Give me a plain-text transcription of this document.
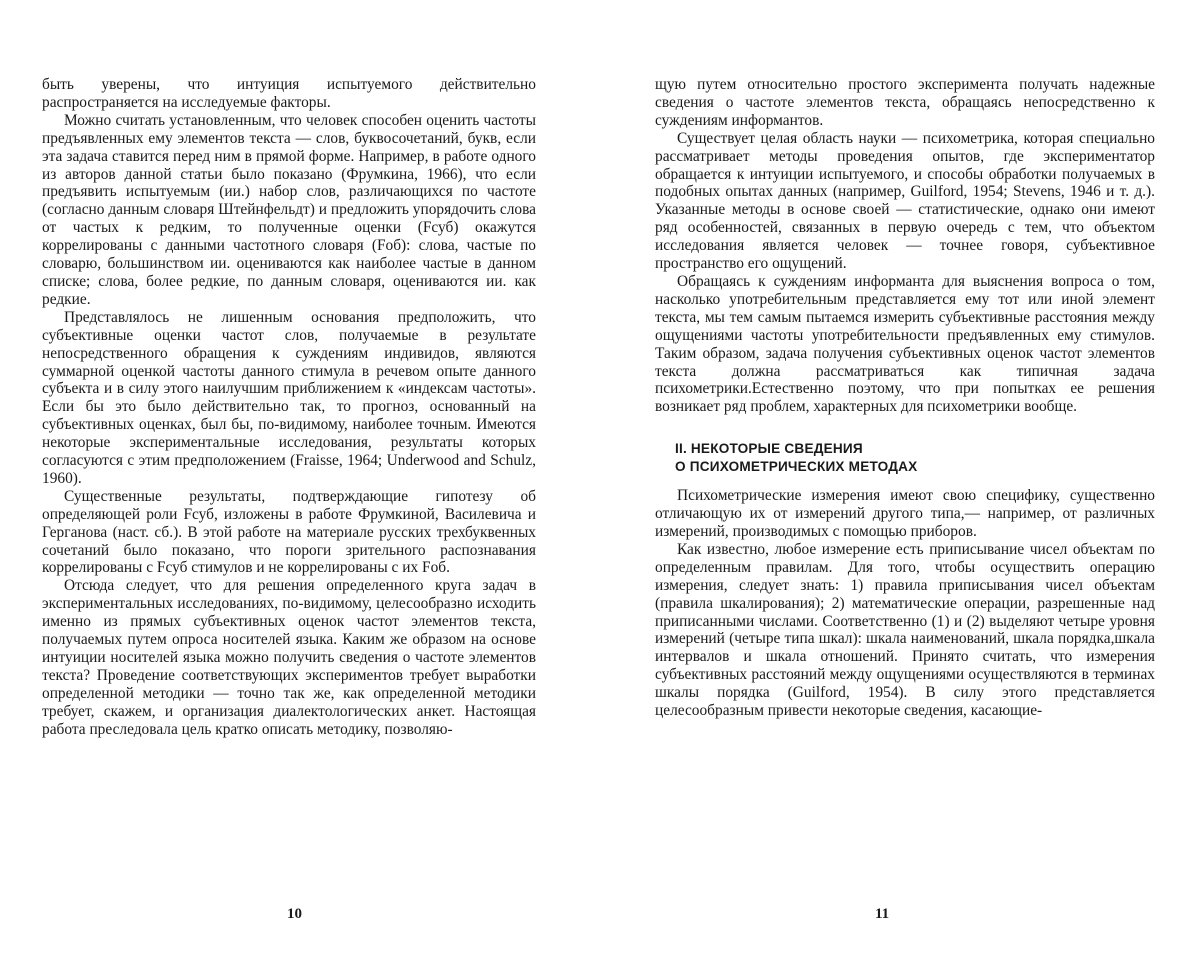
быть уверены, что интуиция испытуемого действительно распространяется на исследуемые факторы.

Можно считать установленным, что человек способен оценить частоты предъявленных ему элементов текста — слов, буквосочетаний, букв, если эта задача ставится перед ним в прямой форме. Например, в работе одного из авторов данной статьи было показано (Фрумкина, 1966), что если предъявить испытуемым (ии.) набор слов, различающихся по частоте (согласно данным словаря Штейнфельдт) и предложить упорядочить слова от частых к редким, то полученные оценки (Fсуб) окажутся коррелированы с данными частотного словаря (Fоб): слова, частые по словарю, большинством ии. оцениваются как наиболее частые в данном списке; слова, более редкие, по данным словаря, оцениваются ии. как редкие.

Представлялось не лишенным основания предположить, что субъективные оценки частот слов, получаемые в результате непосредственного обращения к суждениям индивидов, являются суммарной оценкой частоты данного стимула в речевом опыте данного субъекта и в силу этого наилучшим приближением к «индексам частоты». Если бы это было действительно так, то прогноз, основанный на субъективных оценках, был бы, по-видимому, наиболее точным. Имеются некоторые экспериментальные исследования, результаты которых согласуются с этим предположением (Fraisse, 1964; Underwood and Schulz, 1960).

Существенные результаты, подтверждающие гипотезу об определяющей роли Fсуб, изложены в работе Фрумкиной, Василевича и Герганова (наст. сб.). В этой работе на материале русских трехбуквенных сочетаний было показано, что пороги зрительного распознавания коррелированы с Fсуб стимулов и не коррелированы с их Fоб.

Отсюда следует, что для решения определенного круга задач в экспериментальных исследованиях, по-видимому, целесообразно исходить именно из прямых субъективных оценок частот элементов текста, получаемых путем опроса носителей языка. Каким же образом на основе интуиции носителей языка можно получить сведения о частоте элементов текста? Проведение соответствующих экспериментов требует выработки определенной методики — точно так же, как определенной методики требует, скажем, и организация диалектологических анкет. Настоящая работа преследовала цель кратко описать методику, позволяю-

10

щую путем относительно простого эксперимента получать надежные сведения о частоте элементов текста, обращаясь непосредственно к суждениям информантов.

Существует целая область науки — психометрика, которая специально рассматривает методы проведения опытов, где экспериментатор обращается к интуиции испытуемого, и способы обработки получаемых в подобных опытах данных (например, Guilford, 1954; Stevens, 1946 и т. д.). Указанные методы в основе своей — статистические, однако они имеют ряд особенностей, связанных в первую очередь с тем, что объектом исследования является человек — точнее говоря, субъективное пространство его ощущений.

Обращаясь к суждениям информанта для выяснения вопроса о том, насколько употребительным представляется ему тот или иной элемент текста, мы тем самым пытаемся измерить субъективные расстояния между ощущениями частоты употребительности предъявленных ему стимулов. Таким образом, задача получения субъективных оценок частот элементов текста должна рассматриваться как типичная задача психометрики.Естественно поэтому, что при попытках ее решения возникает ряд проблем, характерных для психометрики вообще.

II. НЕКОТОРЫЕ СВЕДЕНИЯ
О ПСИХОМЕТРИЧЕСКИХ МЕТОДАХ

Психометрические измерения имеют свою специфику, существенно отличающую их от измерений другого типа,— например, от различных измерений, производимых с помощью приборов.

Как известно, любое измерение есть приписывание чисел объектам по определенным правилам. Для того, чтобы осуществить операцию измерения, следует знать: 1) правила приписывания чисел объектам (правила шкалирования); 2) математические операции, разрешенные над приписанными числами. Соответственно (1) и (2) выделяют четыре уровня измерений (четыре типа шкал): шкала наименований, шкала порядка,шкала интервалов и шкала отношений. Принято считать, что измерения субъективных расстояний между ощущениями осуществляются в терминах шкалы порядка (Guilford, 1954). В силу этого представляется целесообразным привести некоторые сведения, касающие-

11
